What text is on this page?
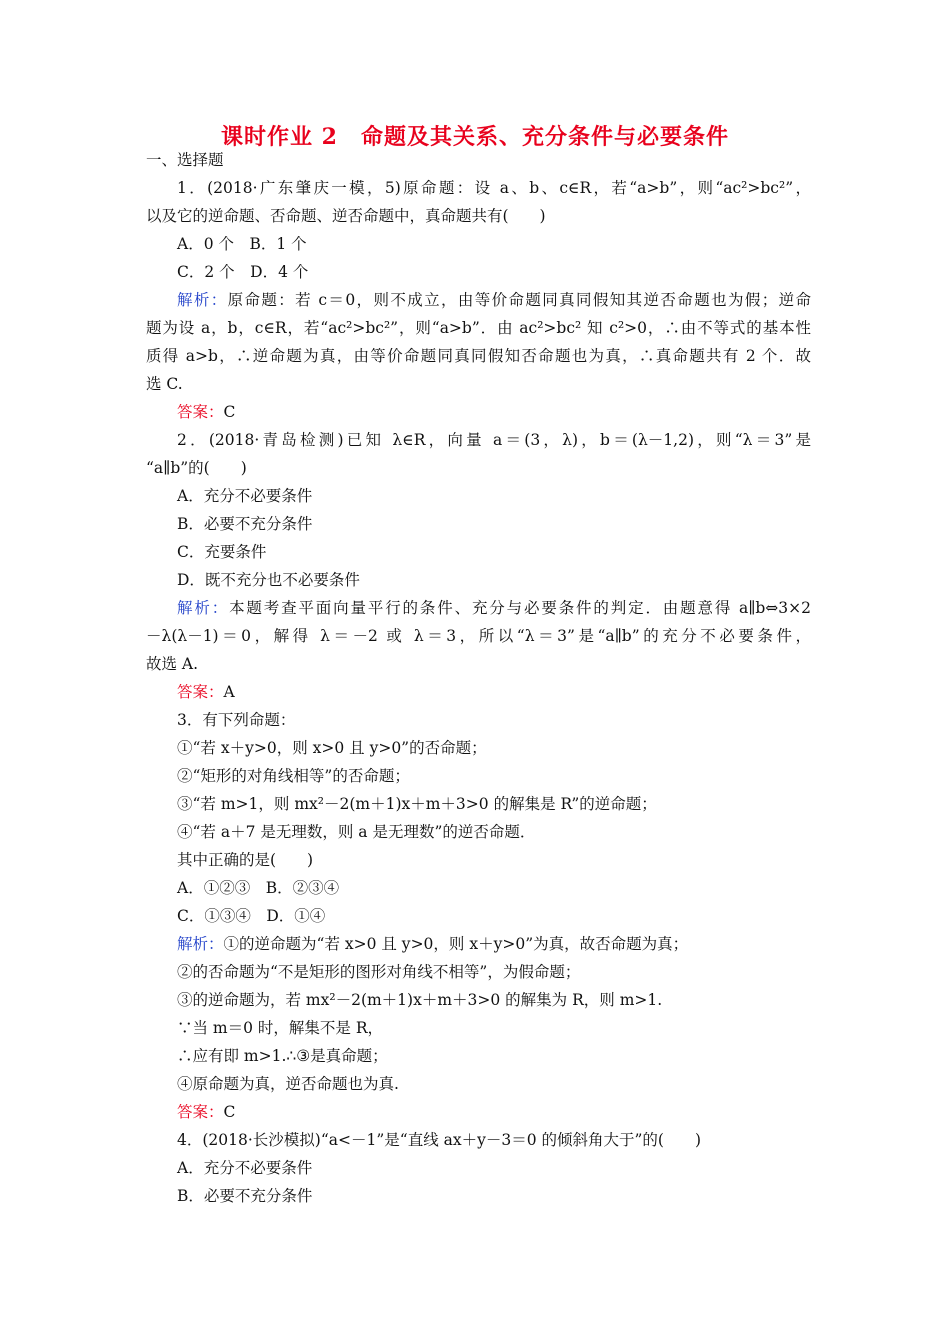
课时作业 2　命题及其关系、充分条件与必要条件
一、选择题
1．(2018·广东肇庆一模，5)原命题：设 a、b、c∈R，若“a>b”，则“ac²>bc²”，
以及它的逆命题、否命题、逆否命题中，真命题共有(　　)
A．0 个　B．1 个
C．2 个　D．4 个
解析：原命题：若 c＝0，则不成立，由等价命题同真同假知其逆否命题也为假；逆命
题为设 a，b，c∈R，若“ac²>bc²”，则“a>b”．由 ac²>bc² 知 c²>0，∴由不等式的基本性
质得 a>b，∴逆命题为真，由等价命题同真同假知否命题也为真，∴真命题共有 2 个．故
选 C.
答案：C
2．(2018·青岛检测)已知 λ∈R，向量 a＝(3，λ)，b＝(λ－1,2)，则“λ＝3”是
“a∥b”的(　　)
A．充分不必要条件
B．必要不充分条件
C．充要条件
D．既不充分也不必要条件
解析：本题考查平面向量平行的条件、充分与必要条件的判定．由题意得 a∥b⇔3×2
－λ(λ－1)＝0，解得 λ＝－2 或 λ＝3，所以“λ＝3”是“a∥b”的充分不必要条件，
故选 A.
答案：A
3．有下列命题：
①“若 x＋y>0，则 x>0 且 y>0”的否命题；
②“矩形的对角线相等”的否命题；
③“若 m>1，则 mx²－2(m＋1)x＋m＋3>0 的解集是 R”的逆命题；
④“若 a＋7 是无理数，则 a 是无理数”的逆否命题．
其中正确的是(　　)
A．①②③　B．②③④
C．①③④　D．①④
解析：①的逆命题为“若 x>0 且 y>0，则 x＋y>0”为真，故否命题为真；
②的否命题为“不是矩形的图形对角线不相等”，为假命题；
③的逆命题为，若 mx²－2(m＋1)x＋m＋3>0 的解集为 R，则 m>1.
∵当 m＝0 时，解集不是 R，
∴应有即 m>1.∴③是真命题；
④原命题为真，逆否命题也为真.
答案：C
4．(2018·长沙模拟)“a<－1”是“直线 ax＋y－3＝0 的倾斜角大于”的(　　)
A．充分不必要条件
B．必要不充分条件
